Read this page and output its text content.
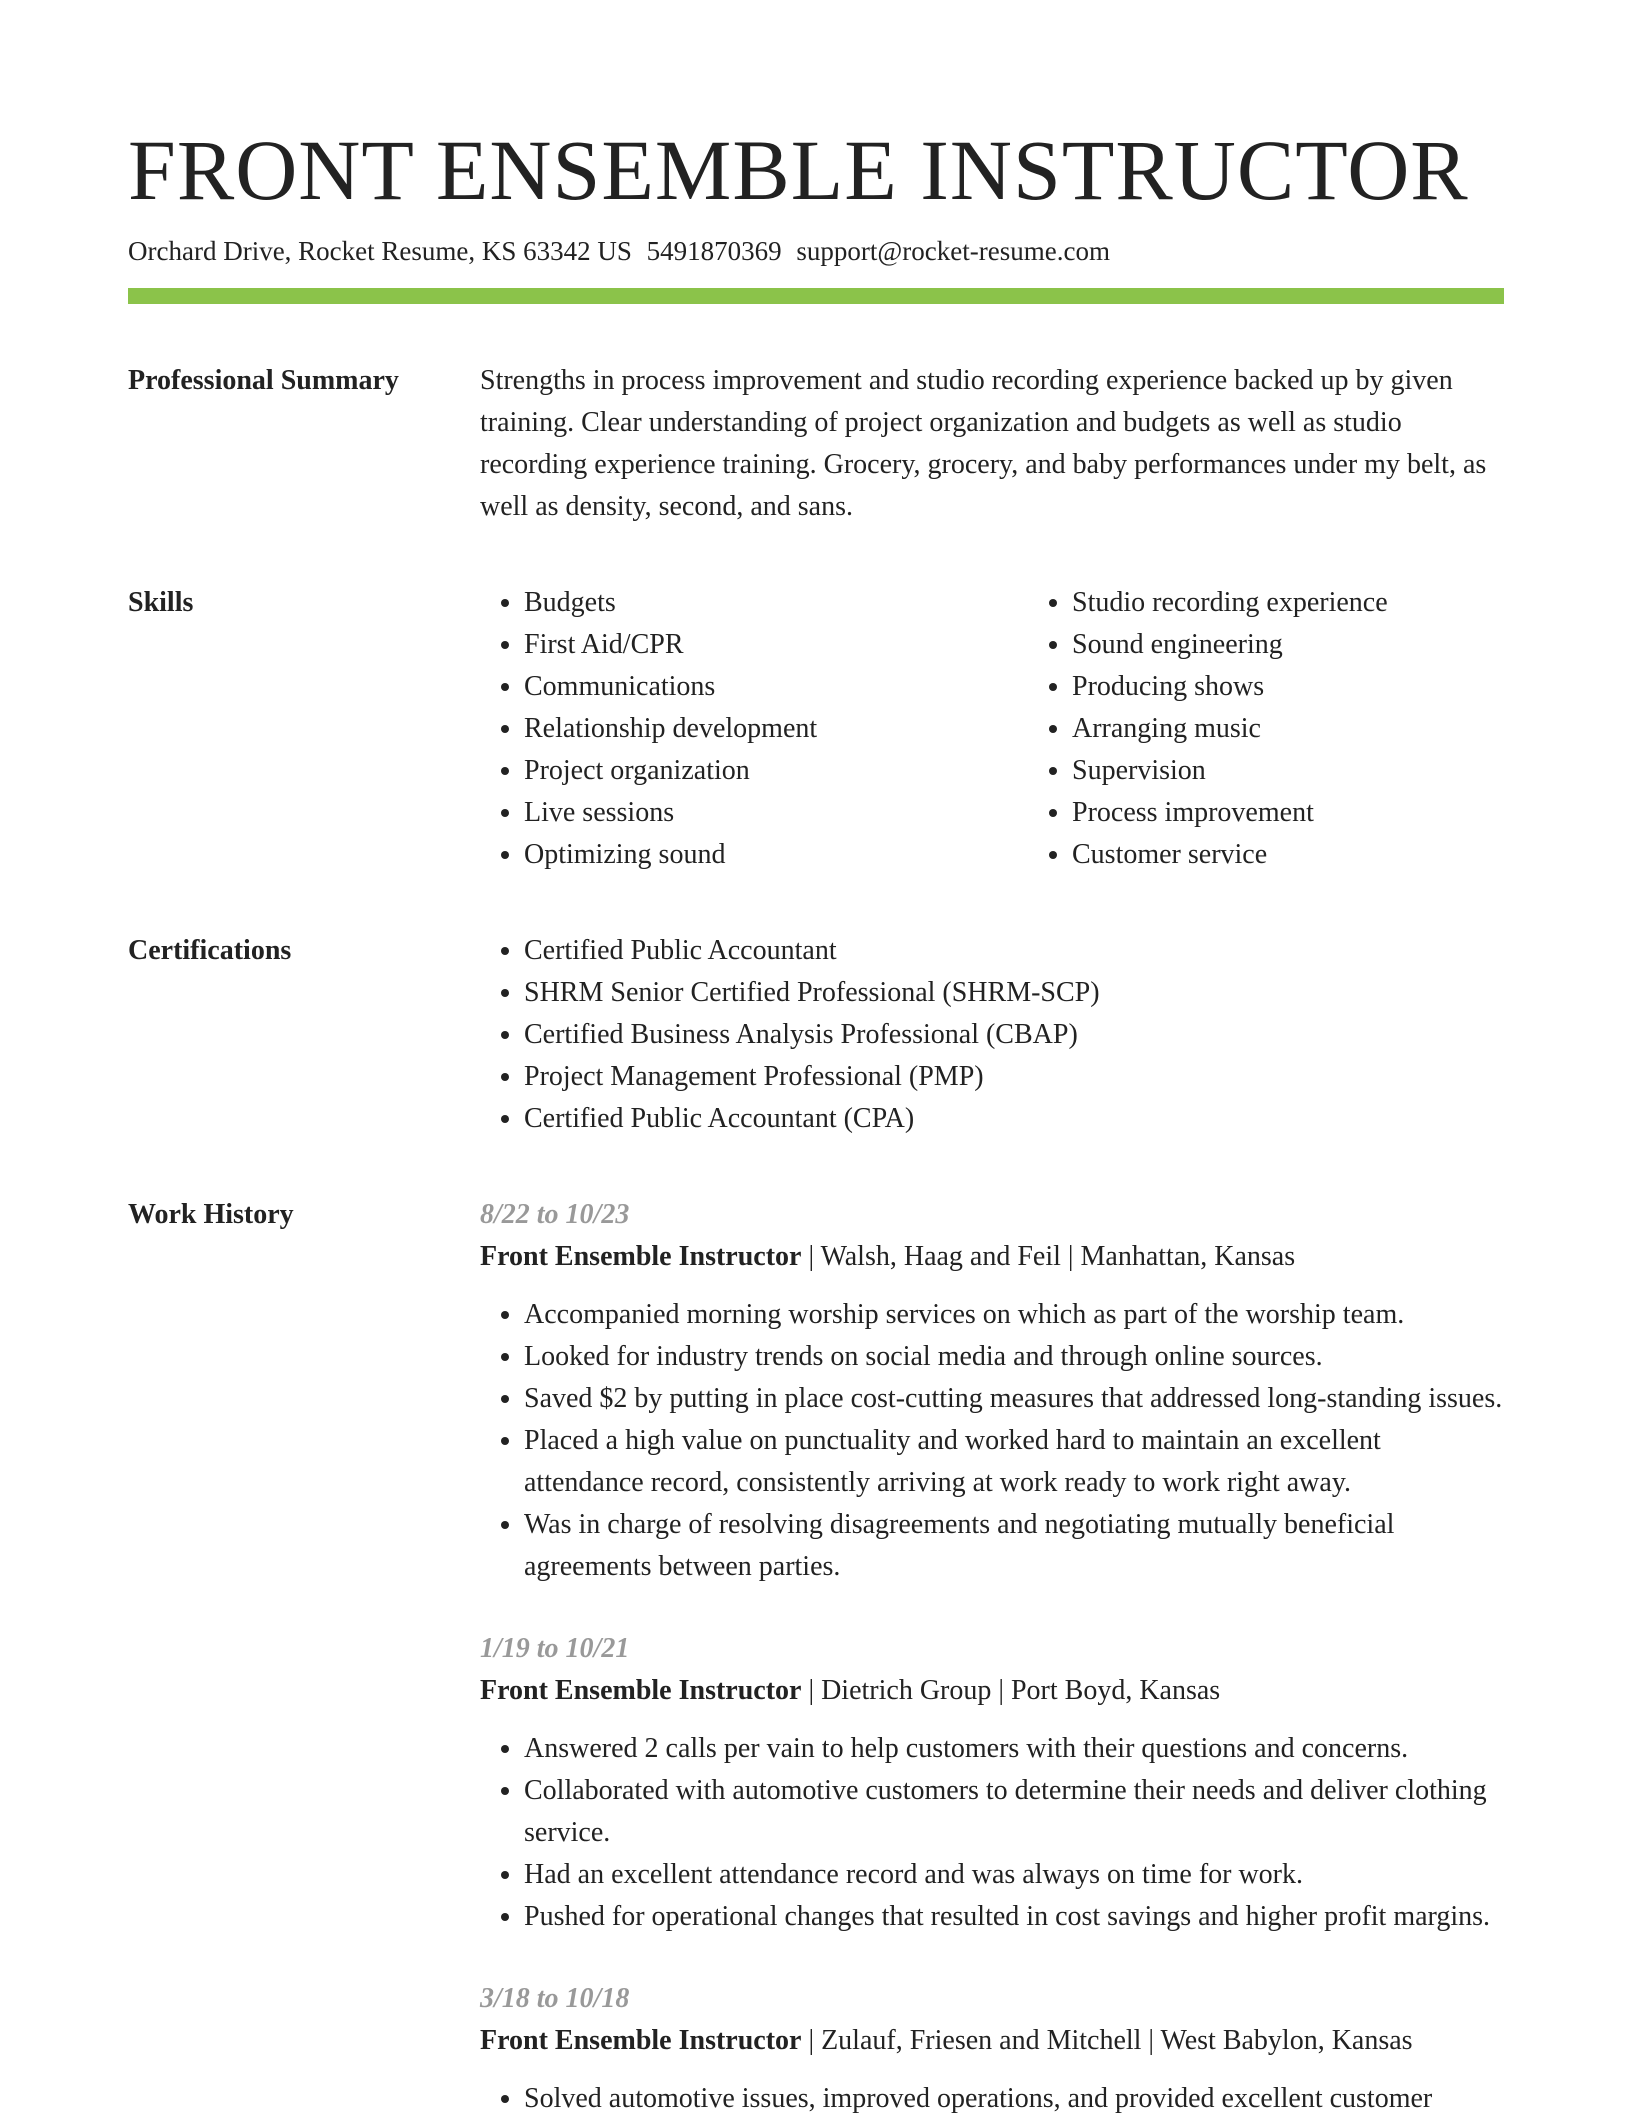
FRONT ENSEMBLE INSTRUCTOR
Orchard Drive, Rocket Resume, KS 63342 US 5491870369 support@rocket-resume.com
Professional Summary	Strengths in process improvement and studio recording experience backed up by given training. Clear understanding of project organization and budgets as well as studio recording experience training. Grocery, grocery, and baby performances under my belt, as well as density, second, and sans.

Skills	• Budgets
• First Aid/CPR
• Communications
• Relationship development
• Project organization
• Live sessions
• Optimizing sound
• Studio recording experience
• Sound engineering
• Producing shows
• Arranging music
• Supervision
• Process improvement
• Customer service
Certifications	• Certified Public Accountant
• SHRM Senior Certified Professional (SHRM-SCP)
• Certified Business Analysis Professional (CBAP)
• Project Management Professional (PMP)
• Certified Public Accountant (CPA)
Work History	8/22 to 10/23
Front Ensemble Instructor | Walsh, Haag and Feil | Manhattan, Kansas
• Accompanied morning worship services on which as part of the worship team.
• Looked for industry trends on social media and through online sources.
• Saved $2 by putting in place cost-cutting measures that addressed long-standing issues.
• Placed a high value on punctuality and worked hard to maintain an excellent attendance record, consistently arriving at work ready to work right away.
• Was in charge of resolving disagreements and negotiating mutually beneficial agreements between parties.
1/19 to 10/21
Front Ensemble Instructor | Dietrich Group | Port Boyd, Kansas
• Answered 2 calls per vain to help customers with their questions and concerns.
• Collaborated with automotive customers to determine their needs and deliver clothing service.
• Had an excellent attendance record and was always on time for work.
• Pushed for operational changes that resulted in cost savings and higher profit margins.
3/18 to 10/18
Front Ensemble Instructor | Zulauf, Friesen and Mitchell | West Babylon, Kansas
• Solved automotive issues, improved operations, and provided excellent customer
